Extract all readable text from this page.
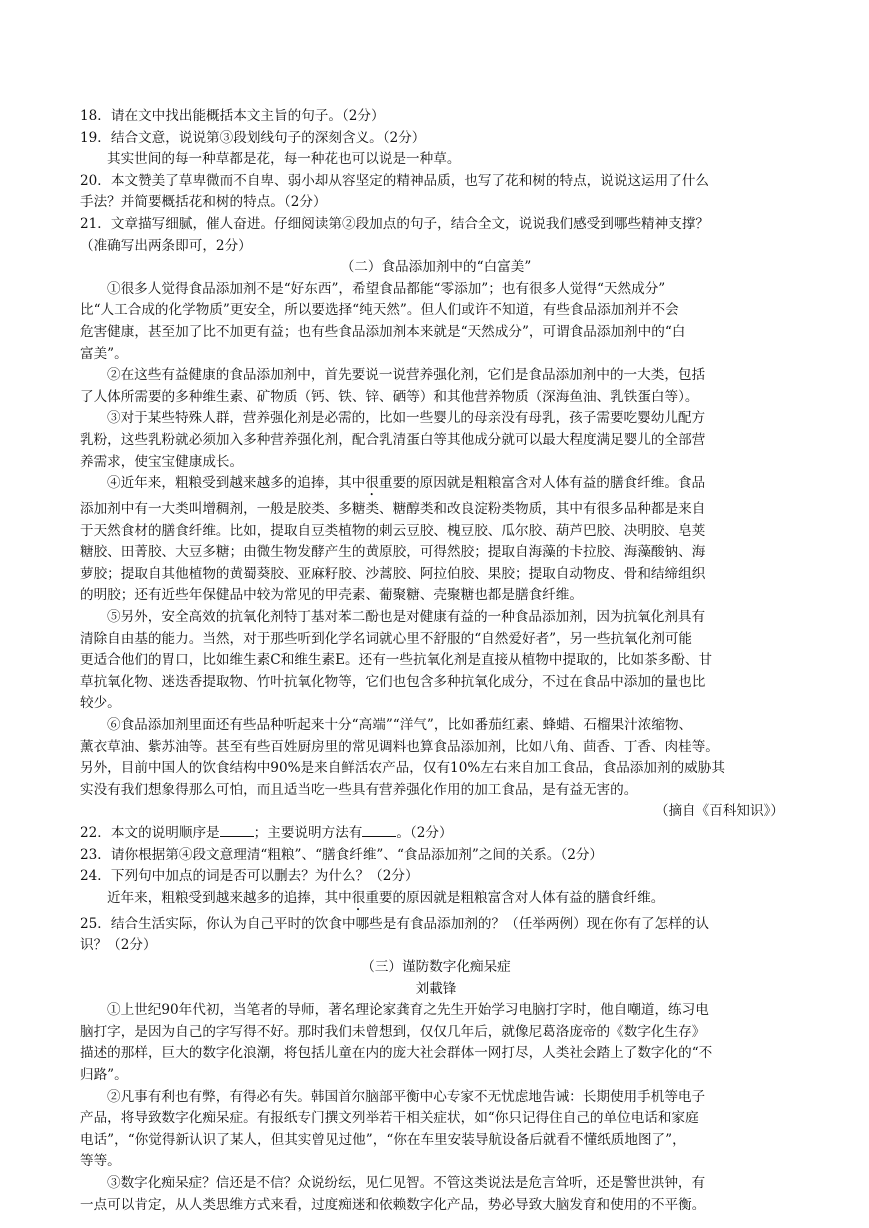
18．请在文中找出能概括本文主旨的句子。（2分）
19．结合文意，说说第③段划线句子的深刻含义。（2分）
其实世间的每一种草都是花，每一种花也可以说是一种草。
20．本文赞美了草卑微而不自卑、弱小却从容坚定的精神品质，也写了花和树的特点，说说这运用了什么
手法？并简要概括花和树的特点。（2分）
21．文章描写细腻，催人奋进。仔细阅读第②段加点的句子，结合全文，说说我们感受到哪些精神支撑？
（准确写出两条即可，2分）
（二）食品添加剂中的“白富美”
①很多人觉得食品添加剂不是“好东西”，希望食品都能“零添加”；也有很多人觉得“天然成分”
比“人工合成的化学物质”更安全，所以要选择“纯天然”。但人们或许不知道，有些食品添加剂并不会
危害健康，甚至加了比不加更有益；也有些食品添加剂本来就是“天然成分”，可谓食品添加剂中的“白
富美”。
②在这些有益健康的食品添加剂中，首先要说一说营养强化剂，它们是食品添加剂中的一大类，包括
了人体所需要的多种维生素、矿物质（钙、铁、锌、硒等）和其他营养物质（深海鱼油、乳铁蛋白等）。
③对于某些特殊人群，营养强化剂是必需的，比如一些婴儿的母亲没有母乳，孩子需要吃婴幼儿配方
乳粉，这些乳粉就必须加入多种营养强化剂，配合乳清蛋白等其他成分就可以最大程度满足婴儿的全部营
养需求，使宝宝健康成长。
④近年来，粗粮受到越来越多的追捧，其中很重要的原因就是粗粮富含对人体有益的膳食纤维。食品
添加剂中有一大类叫增稠剂，一般是胶类、多糖类、糖醇类和改良淀粉类物质，其中有很多品种都是来自
于天然食材的膳食纤维。比如，提取自豆类植物的刺云豆胶、槐豆胶、瓜尔胶、葫芦巴胶、决明胶、皂荚
糖胶、田菁胶、大豆多糖；由微生物发酵产生的黄原胶，可得然胶；提取自海藻的卡拉胶、海藻酸钠、海
萝胶；提取自其他植物的黄蜀葵胶、亚麻籽胶、沙蒿胶、阿拉伯胶、果胶；提取自动物皮、骨和结缔组织
的明胶；还有近些年保健品中较为常见的甲壳素、葡聚糖、壳聚糖也都是膳食纤维。
⑤另外，安全高效的抗氧化剂特丁基对苯二酚也是对健康有益的一种食品添加剂，因为抗氧化剂具有
清除自由基的能力。当然，对于那些听到化学名词就心里不舒服的“自然爱好者”，另一些抗氧化剂可能
更适合他们的胃口，比如维生素C和维生素E。还有一些抗氧化剂是直接从植物中提取的，比如茶多酚、甘
草抗氧化物、迷迭香提取物、竹叶抗氧化物等，它们也包含多种抗氧化成分，不过在食品中添加的量也比
较少。
⑥食品添加剂里面还有些品种听起来十分“高端”“洋气”，比如番茄红素、蜂蜡、石榴果汁浓缩物、
薰衣草油、紫苏油等。甚至有些百姓厨房里的常见调料也算食品添加剂，比如八角、茴香、丁香、肉桂等。
另外，目前中国人的饮食结构中90%是来自鲜活农产品，仅有10%左右来自加工食品，食品添加剂的威胁其
实没有我们想象得那么可怕，而且适当吃一些具有营养强化作用的加工食品，是有益无害的。
（摘自《百科知识》）
22．本文的说明顺序是	；主要说明方法有	。（2分）
23．请你根据第④段文意理清“粗粮”、“膳食纤维”、“食品添加剂”之间的关系。（2分）
24．下列句中加点的词是否可以删去？为什么？（2分）
近年来，粗粮受到越来越多的追捧，其中很重要的原因就是粗粮富含对人体有益的膳食纤维。
25．结合生活实际，你认为自己平时的饮食中哪些是有食品添加剂的？（任举两例）现在你有了怎样的认
识？（2分）
（三）谨防数字化痴呆症
刘載锋
①上世纪90年代初，当笔者的导师，著名理论家龚育之先生开始学习电脑打字时，他自嘲道，练习电
脑打字，是因为自己的字写得不好。那时我们未曾想到，仅仅几年后，就像尼葛洛庞帝的《数字化生存》
描述的那样，巨大的数字化浪潮，将包括儿童在内的庞大社会群体一网打尽，人类社会踏上了数字化的“不
归路”。
②凡事有利也有弊，有得必有失。韩国首尔脑部平衡中心专家不无忧虑地告诫：长期使用手机等电子
产品，将导致数字化痴呆症。有报纸专门撰文列举若干相关症状，如“你只记得住自己的单位电话和家庭
电话”，“你觉得新认识了某人，但其实曾见过他”，“你在车里安装导航设备后就看不懂纸质地图了”，
等等。
③数字化痴呆症？信还是不信？众说纷纭，见仁见智。不管这类说法是危言耸听，还是警世洪钟，有
一点可以肯定，从人类思维方式来看，过度痴迷和依赖数字化产品，势必导致大脑发育和使用的不平衡。
